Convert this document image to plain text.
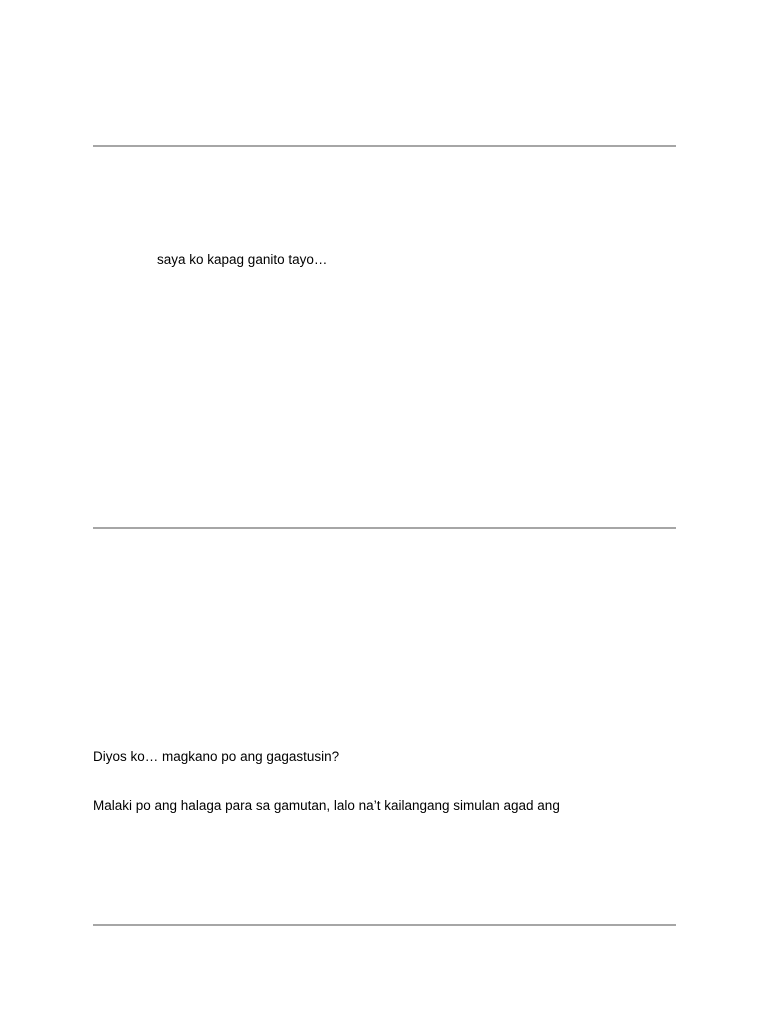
saya ko kapag ganito tayo…
Diyos ko… magkano po ang gagastusin?
Malaki po ang halaga para sa gamutan, lalo na’t kailangang simulan agad ang
